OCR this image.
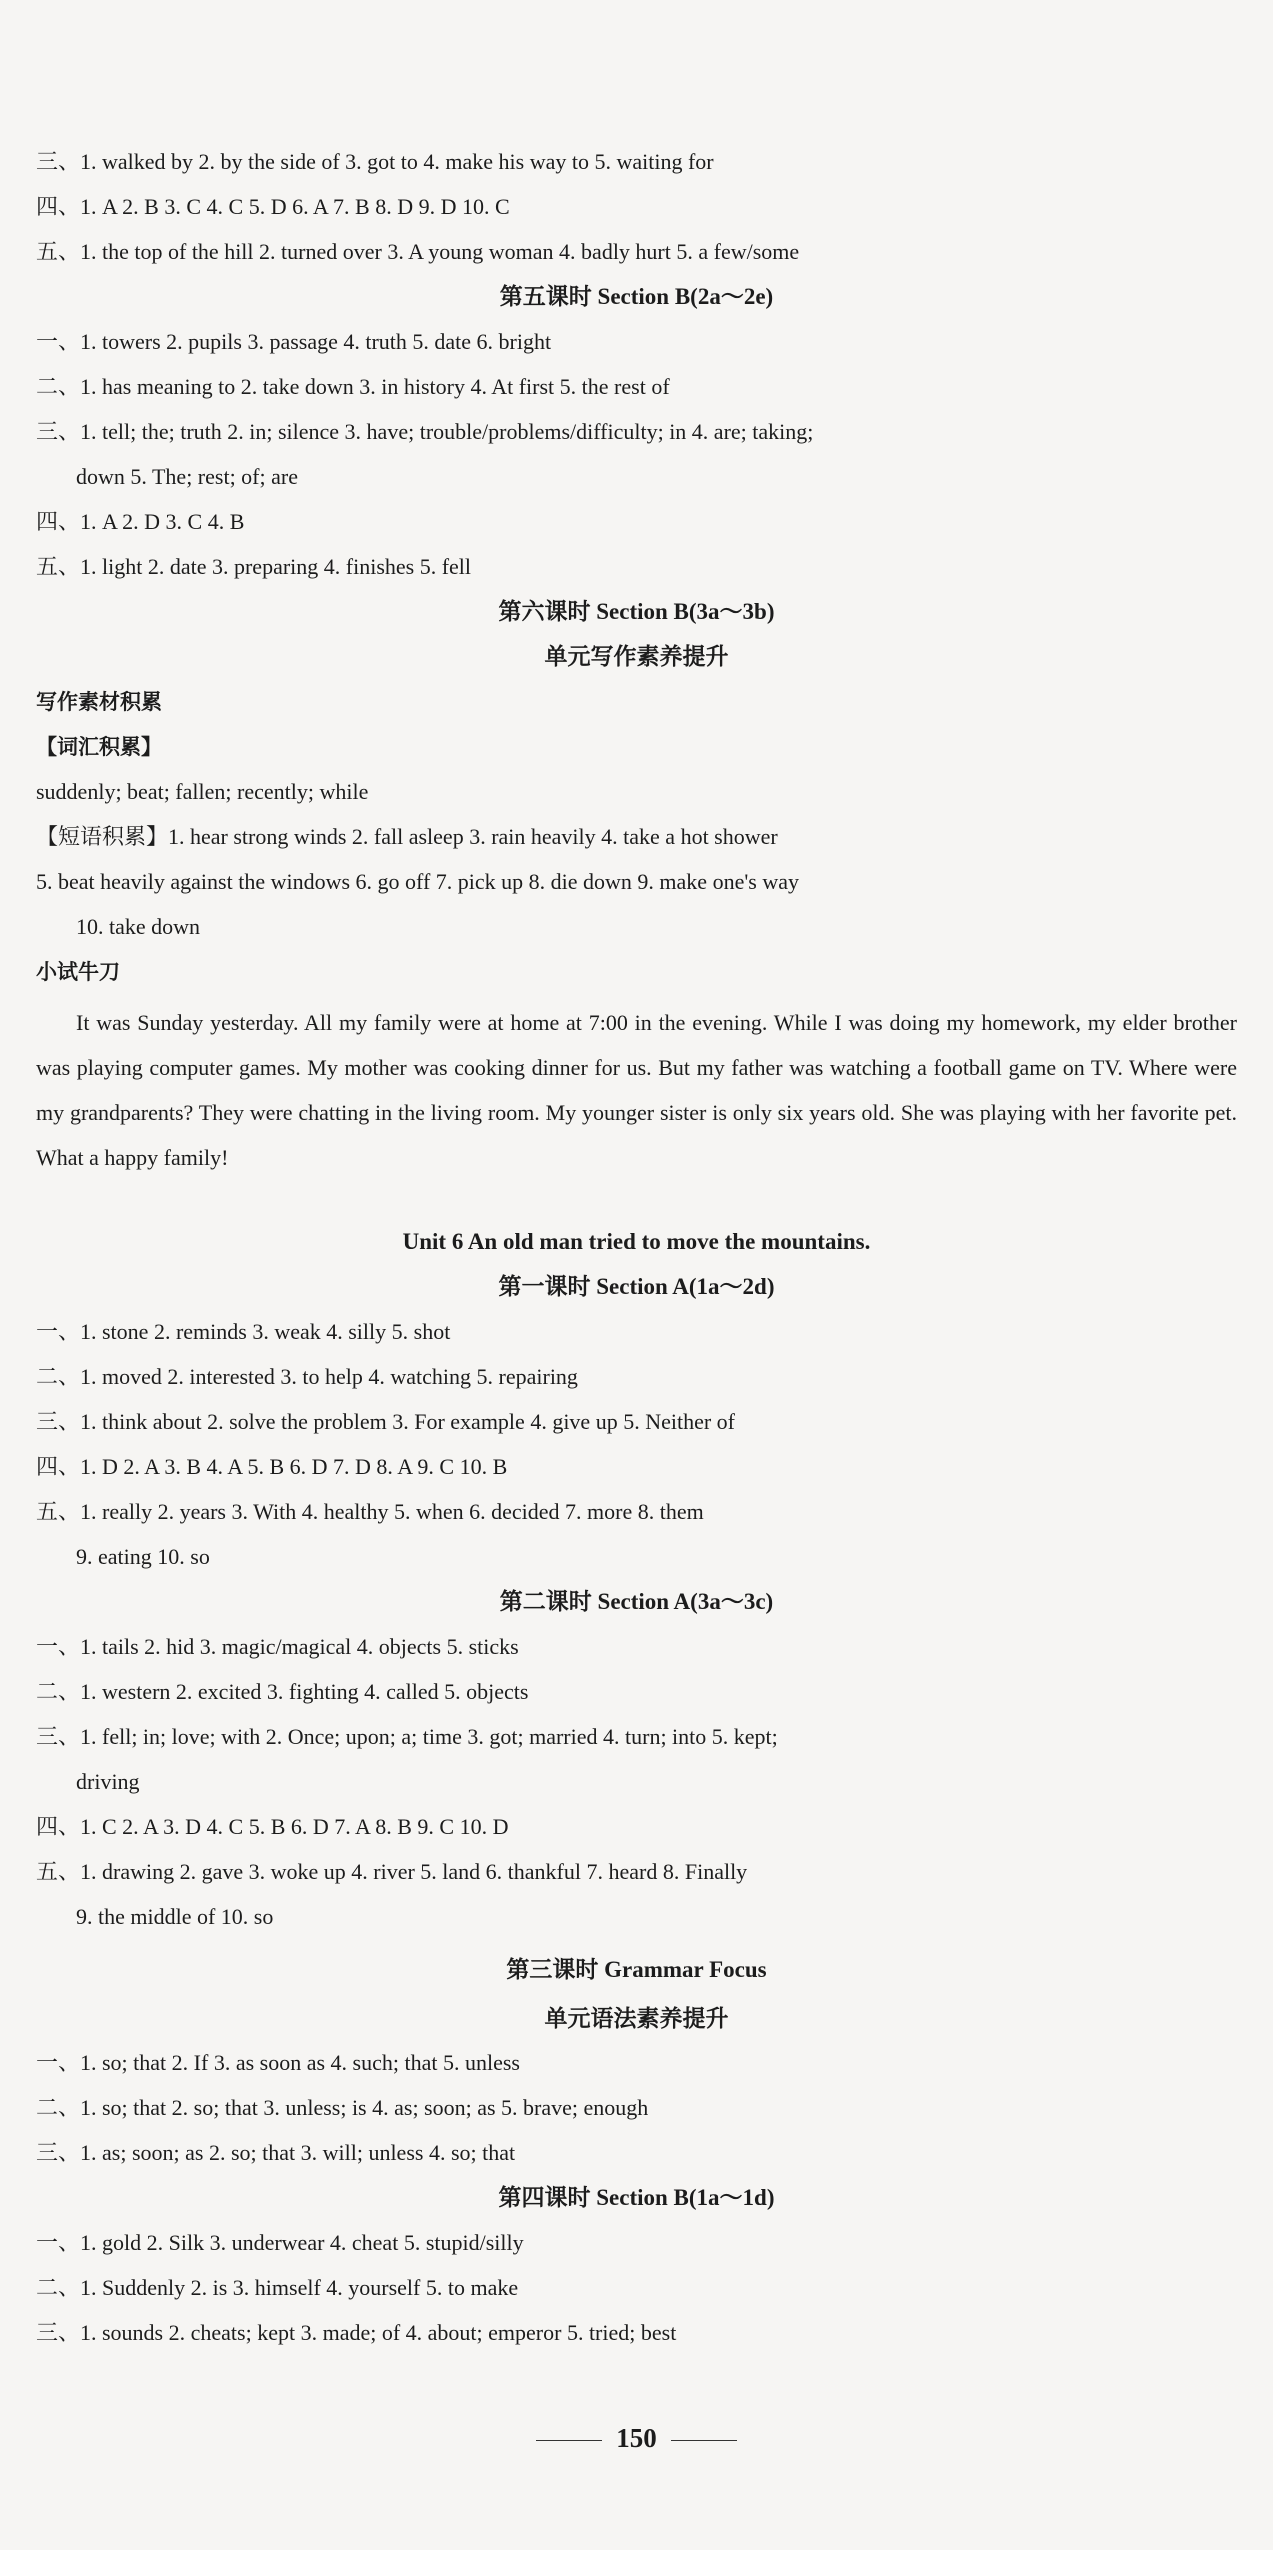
三、1. walked by 2. by the side of 3. got to 4. make his way to 5. waiting for
四、1. A 2. B 3. C 4. C 5. D 6. A 7. B 8. D 9. D 10. C
五、1. the top of the hill 2. turned over 3. A young woman 4. badly hurt 5. a few/some
第五课时 Section B(2a～2e)
一、1. towers 2. pupils 3. passage 4. truth 5. date 6. bright
二、1. has meaning to 2. take down 3. in history 4. At first 5. the rest of
三、1. tell; the; truth 2. in; silence 3. have; trouble/problems/difficulty; in 4. are; taking;
down 5. The; rest; of; are
四、1. A 2. D 3. C 4. B
五、1. light 2. date 3. preparing 4. finishes 5. fell
第六课时 Section B(3a～3b)
单元写作素养提升
写作素材积累
【词汇积累】
suddenly; beat; fallen; recently; while
【短语积累】1. hear strong winds 2. fall asleep 3. rain heavily 4. take a hot shower
5. beat heavily against the windows 6. go off 7. pick up 8. die down 9. make one's way
10. take down
小试牛刀

It was Sunday yesterday. All my family were at home at 7:00 in the evening. While I was doing my homework, my elder brother was playing computer games. My mother was cooking dinner for us. But my father was watching a football game on TV. Where were my grandparents? They were chatting in the living room. My younger sister is only six years old. She was playing with her favorite pet. What a happy family!

Unit 6 An old man tried to move the mountains.
第一课时 Section A(1a～2d)
一、1. stone 2. reminds 3. weak 4. silly 5. shot
二、1. moved 2. interested 3. to help 4. watching 5. repairing
三、1. think about 2. solve the problem 3. For example 4. give up 5. Neither of
四、1. D 2. A 3. B 4. A 5. B 6. D 7. D 8. A 9. C 10. B
五、1. really 2. years 3. With 4. healthy 5. when 6. decided 7. more 8. them
9. eating 10. so
第二课时 Section A(3a～3c)
一、1. tails 2. hid 3. magic/magical 4. objects 5. sticks
二、1. western 2. excited 3. fighting 4. called 5. objects
三、1. fell; in; love; with 2. Once; upon; a; time 3. got; married 4. turn; into 5. kept;
driving
四、1. C 2. A 3. D 4. C 5. B 6. D 7. A 8. B 9. C 10. D
五、1. drawing 2. gave 3. woke up 4. river 5. land 6. thankful 7. heard 8. Finally
9. the middle of 10. so
第三课时 Grammar Focus
单元语法素养提升
一、1. so; that 2. If 3. as soon as 4. such; that 5. unless
二、1. so; that 2. so; that 3. unless; is 4. as; soon; as 5. brave; enough
三、1. as; soon; as 2. so; that 3. will; unless 4. so; that
第四课时 Section B(1a～1d)
一、1. gold 2. Silk 3. underwear 4. cheat 5. stupid/silly
二、1. Suddenly 2. is 3. himself 4. yourself 5. to make
三、1. sounds 2. cheats; kept 3. made; of 4. about; emperor 5. tried; best
150
